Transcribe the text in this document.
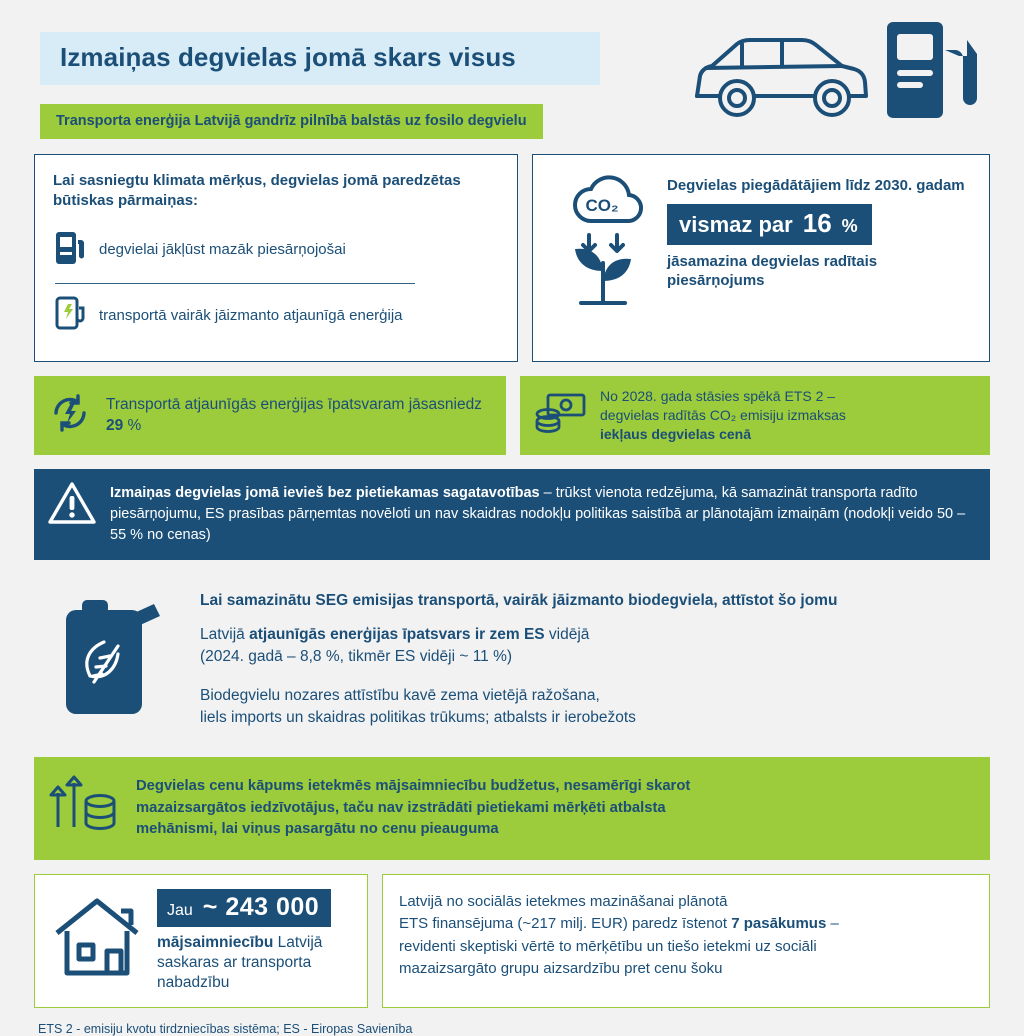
Izmaiņas degvielas jomā skars visus
Transporta enerģija Latvijā gandrīz pilnībā balstās uz fosilo degvielu
Lai sasniegtu klimata mērķus, degvielas jomā paredzētas būtiskas pārmaiņas:
degvielai jākļūst mazāk piesārņojošai
transportā vairāk jāizmanto atjaunīgā enerģija
CO₂
Degvielas piegādātājiem līdz 2030. gadam
vismaz par 16 %
jāsamazina degvielas radītais piesārņojums
Transportā atjaunīgās enerģijas īpatsvaram jāsasniedz 29 %
No 2028. gada stāsies spēkā ETS 2 –
degvielas radītās CO₂ emisiju izmaksas
iekļaus degvielas cenā
Izmaiņas degvielas jomā ievieš bez pietiekamas sagatavotības – trūkst vienota redzējuma, kā samazināt transporta radīto piesārņojumu, ES prasības pārņemtas novēloti un nav skaidras nodokļu politikas saistībā ar plānotajām izmaiņām (nodokļi veido 50 – 55 % no cenas)
Lai samazinātu SEG emisijas transportā, vairāk jāizmanto biodegviela, attīstot šo jomu
Latvijā atjaunīgās enerģijas īpatsvars ir zem ES vidējā
(2024. gadā – 8,8 %, tikmēr ES vidēji ~ 11 %)
Biodegvielu nozares attīstību kavē zema vietējā ražošana,
liels imports un skaidras politikas trūkums; atbalsts ir ierobežots
Degvielas cenu kāpums ietekmēs mājsaimniecību budžetus, nesamērīgi skarot
mazaizsargātos iedzīvotājus, taču nav izstrādāti pietiekami mērķēti atbalsta
mehānismi, lai viņus pasargātu no cenu pieauguma
Jau ~ 243 000
mājsaimniecību Latvijā saskaras ar transporta nabadzību
Latvijā no sociālās ietekmes mazināšanai plānotā
ETS finansējuma (~217 milj. EUR) paredz īstenot 7 pasākumus –
revidenti skeptiski vērtē to mērķētību un tiešo ietekmi uz sociāli
mazaizsargāto grupu aizsardzību pret cenu šoku
ETS 2 - emisiju kvotu tirdzniecības sistēma; ES - Eiropas Savienība
